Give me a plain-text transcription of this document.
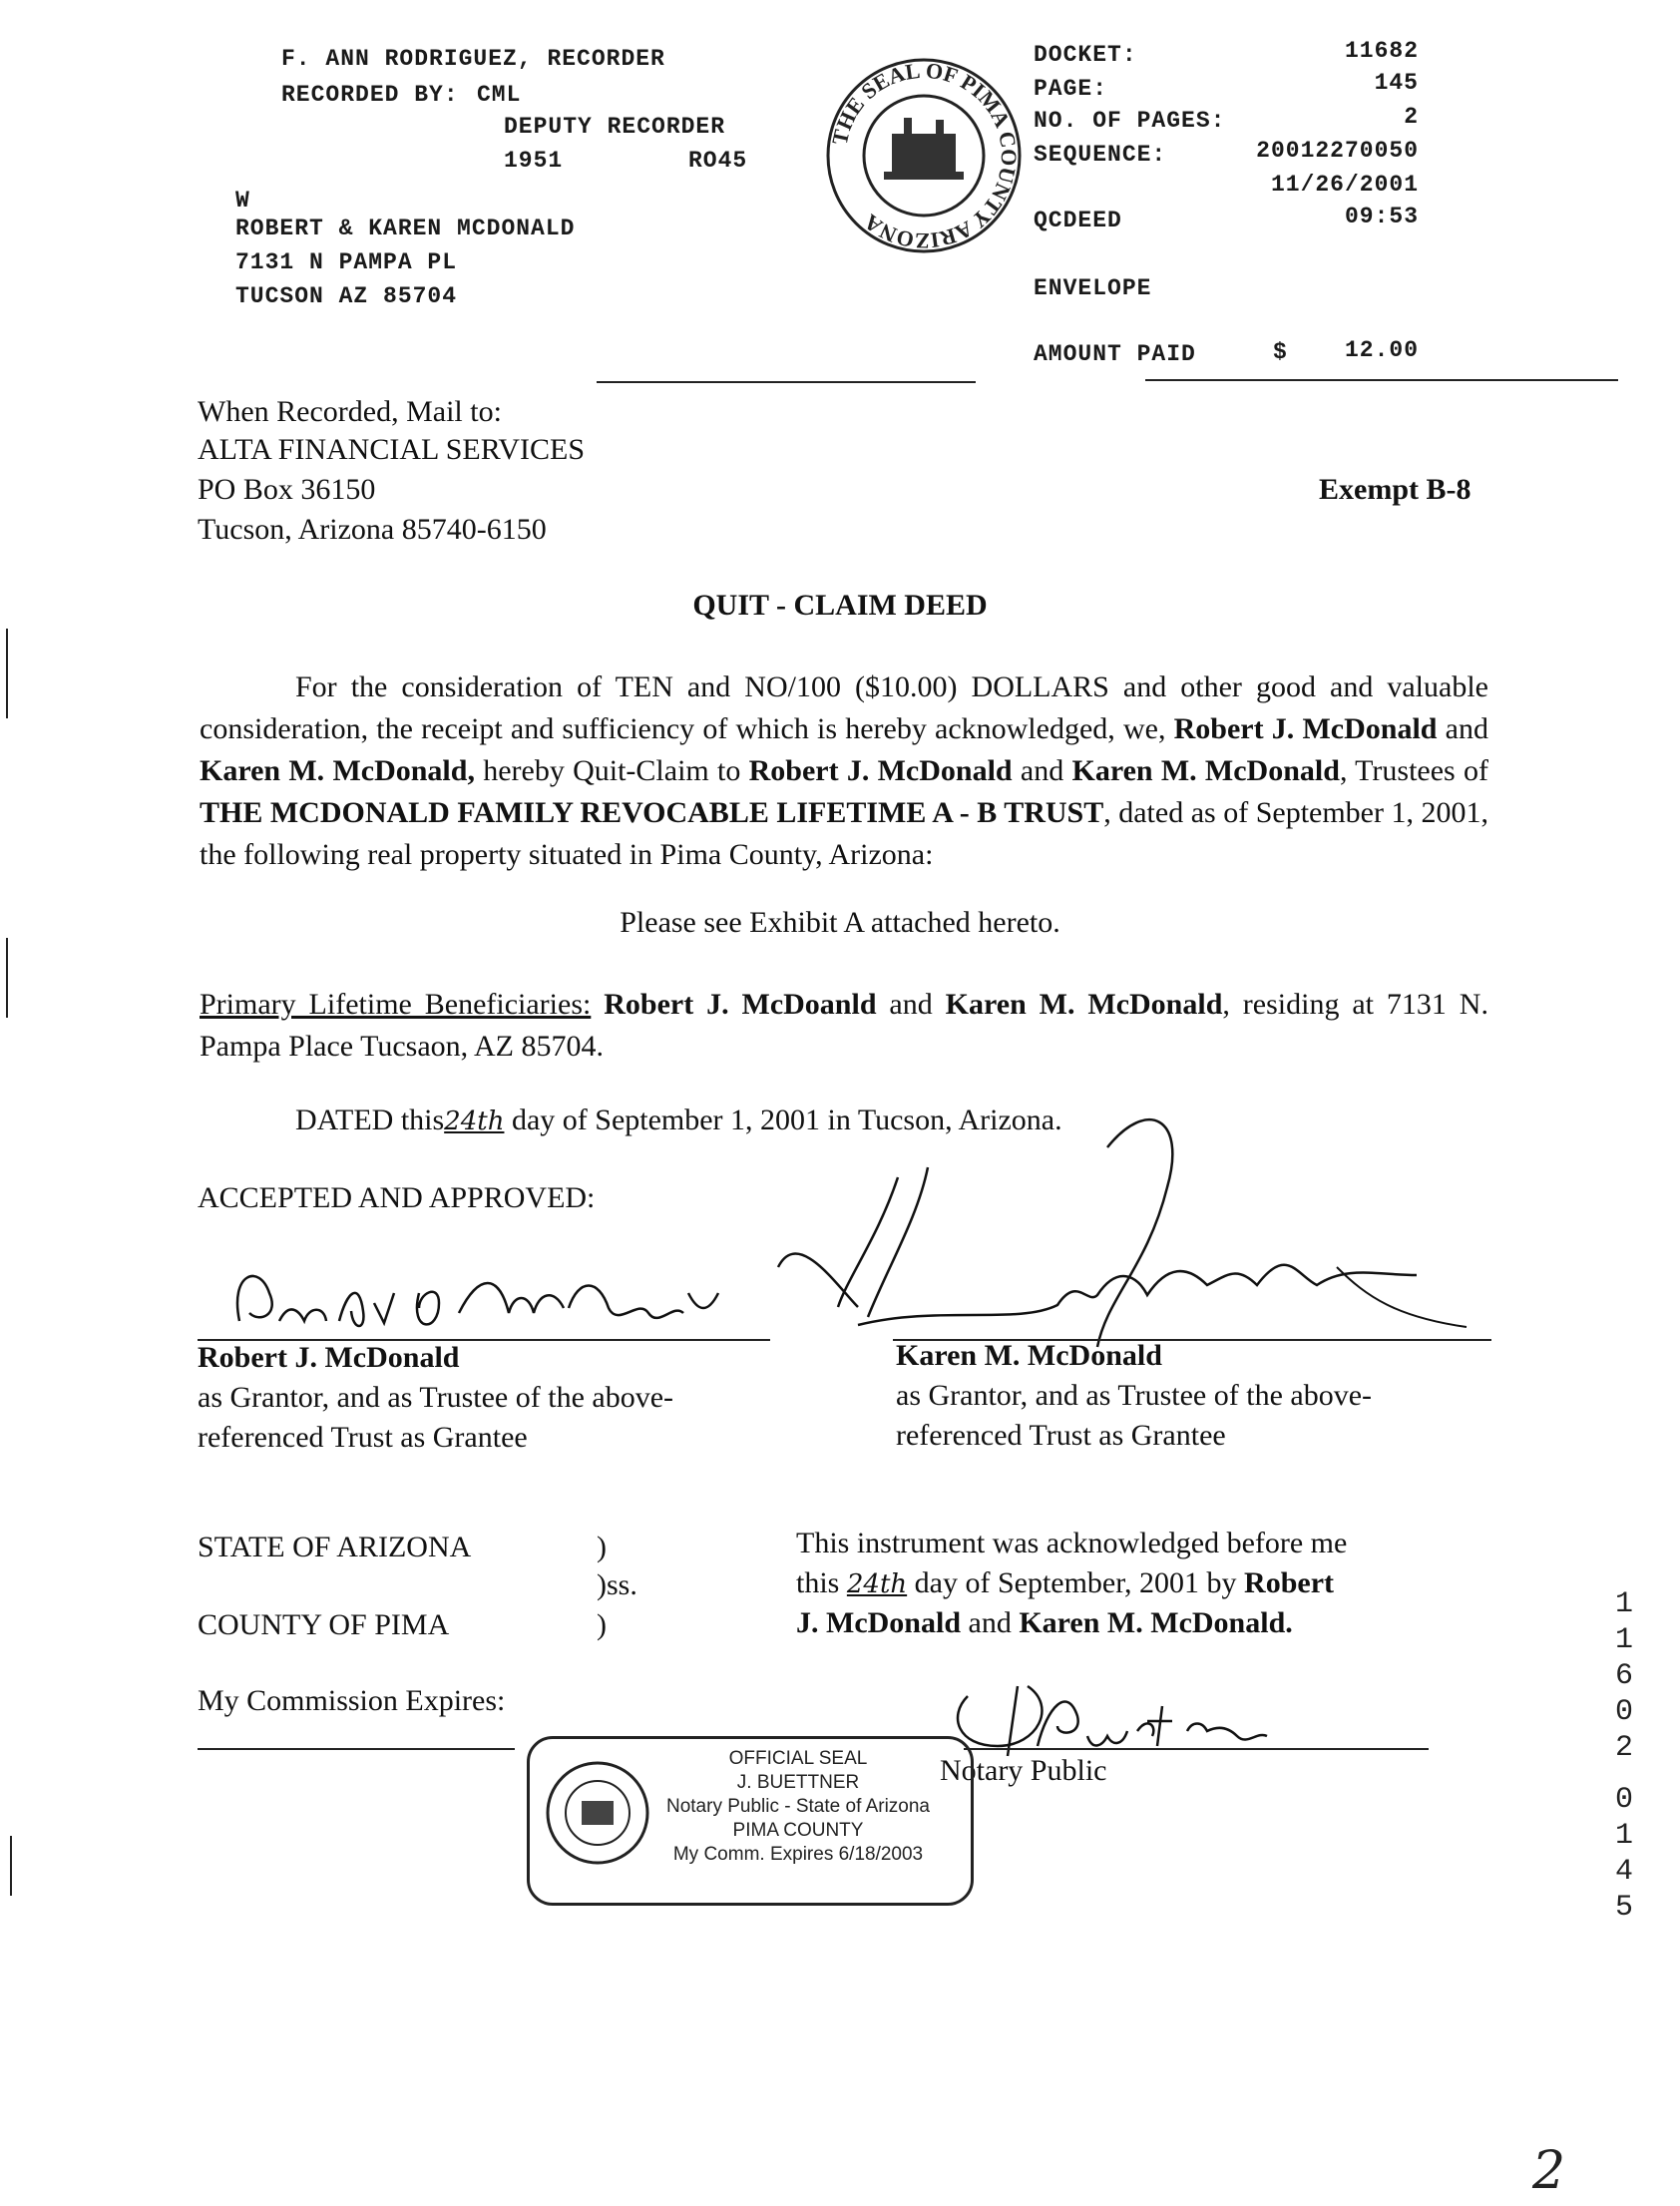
F. ANN RODRIGUEZ, RECORDER
RECORDED BY: CML
DEPUTY RECORDER
1951	RO45
W
ROBERT & KAREN MCDONALD
7131 N PAMPA PL
TUCSON AZ 85704
THE SEAL OF PIMA COUNTY ARIZONA
DOCKET:	11682
PAGE:	145
NO. OF PAGES:	2
SEQUENCE:	20012270050
11/26/2001
QCDEED	09:53
ENVELOPE
AMOUNT PAID	$	12.00
When Recorded, Mail to:
ALTA FINANCIAL SERVICES
PO Box 36150
Tucson, Arizona 85740-6150
Exempt B-8
QUIT - CLAIM DEED
For the consideration of TEN and NO/100 ($10.00) DOLLARS and other good and valuable consideration, the receipt and sufficiency of which is hereby acknowledged, we, Robert J. McDonald and Karen M. McDonald, hereby Quit-Claim to Robert J. McDonald and Karen M. McDonald, Trustees of THE MCDONALD FAMILY REVOCABLE LIFETIME A - B TRUST, dated as of September 1, 2001, the following real property situated in Pima County, Arizona:
Please see Exhibit A attached hereto.
Primary Lifetime Beneficiaries: Robert J. McDoanld and Karen M. McDonald, residing at 7131 N. Pampa Place Tucsaon, AZ 85704.
DATED this24th day of September 1, 2001 in Tucson, Arizona.
ACCEPTED AND APPROVED:
Robert J. McDonald
as Grantor, and as Trustee of the above-
referenced Trust as Grantee
Karen M. McDonald
as Grantor, and as Trustee of the above-
referenced Trust as Grantee
STATE OF ARIZONA	)
)ss.
COUNTY OF PIMA	)
This instrument was acknowledged before me
this 24th day of September, 2001 by Robert
J. McDonald and Karen M. McDonald.
My Commission Expires:
Notary Public
OFFICIAL SEAL
J. BUETTNER
Notary Public - State of Arizona
PIMA COUNTY
My Comm. Expires 6/18/2003
1
1
6
0
2
0
1
4
5
2
